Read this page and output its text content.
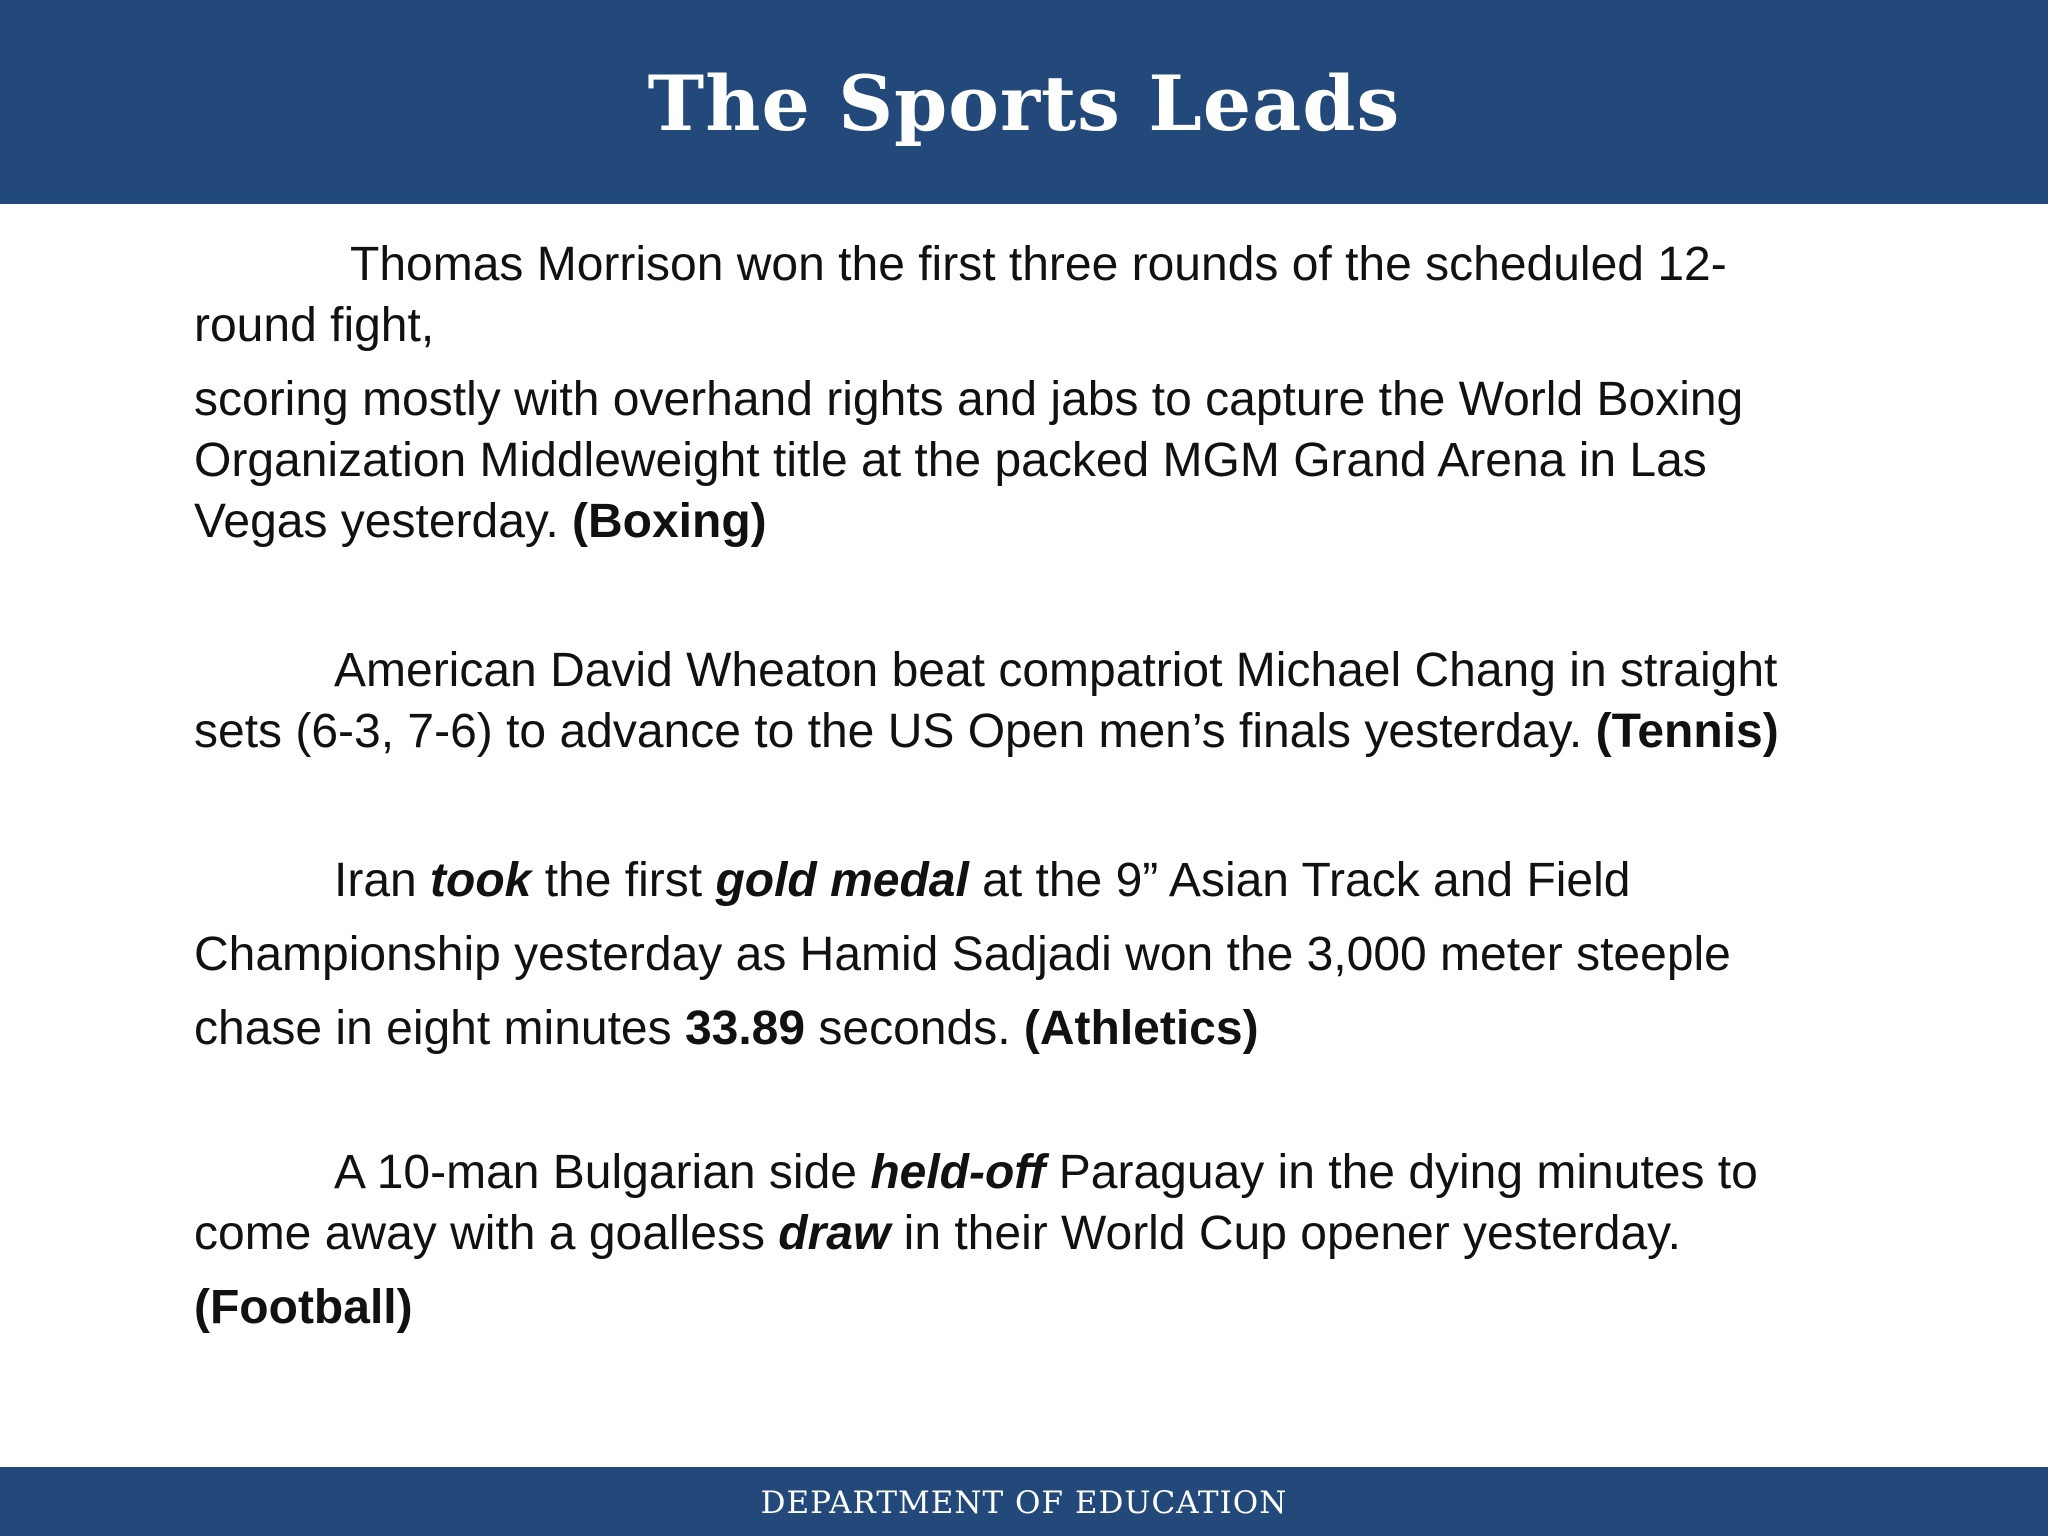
The Sports Leads
Thomas Morrison won the first three rounds of the scheduled 12-
round fight,
scoring mostly with overhand rights and jabs to capture the World Boxing
Organization Middleweight title at the packed MGM Grand Arena in Las
Vegas yesterday. (Boxing)
American David Wheaton beat compatriot Michael Chang in straight
sets (6-3, 7-6) to advance to the US Open men’s finals yesterday. (Tennis)
Iran took the first gold medal at the 9” Asian Track and Field
Championship yesterday as Hamid Sadjadi won the 3,000 meter steeple
chase in eight minutes 33.89 seconds. (Athletics)
A 10-man Bulgarian side held-off Paraguay in the dying minutes to
come away with a goalless draw in their World Cup opener yesterday.
(Football)
DEPARTMENT OF EDUCATION
